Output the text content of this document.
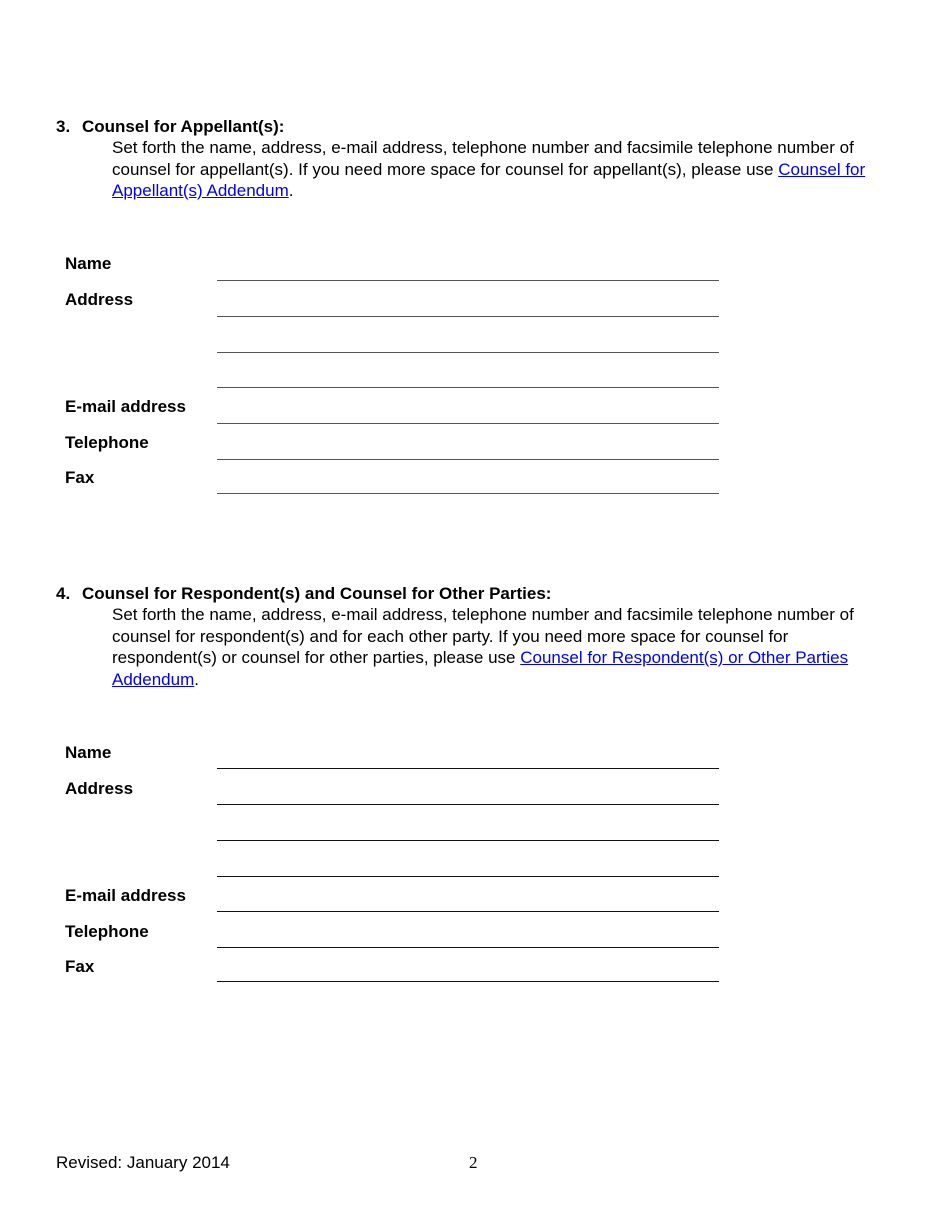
3. Counsel for Appellant(s):

Set forth the name, address, e-mail address, telephone number and facsimile telephone number of counsel for appellant(s). If you need more space for counsel for appellant(s), please use Counsel for Appellant(s) Addendum.

Name
Address
E-mail address
Telephone
Fax

4. Counsel for Respondent(s) and Counsel for Other Parties:

Set forth the name, address, e-mail address, telephone number and facsimile telephone number of counsel for respondent(s) and for each other party. If you need more space for counsel for respondent(s) or counsel for other parties, please use Counsel for Respondent(s) or Other Parties Addendum.

Name
Address
E-mail address
Telephone
Fax
Revised: January 2014	2
